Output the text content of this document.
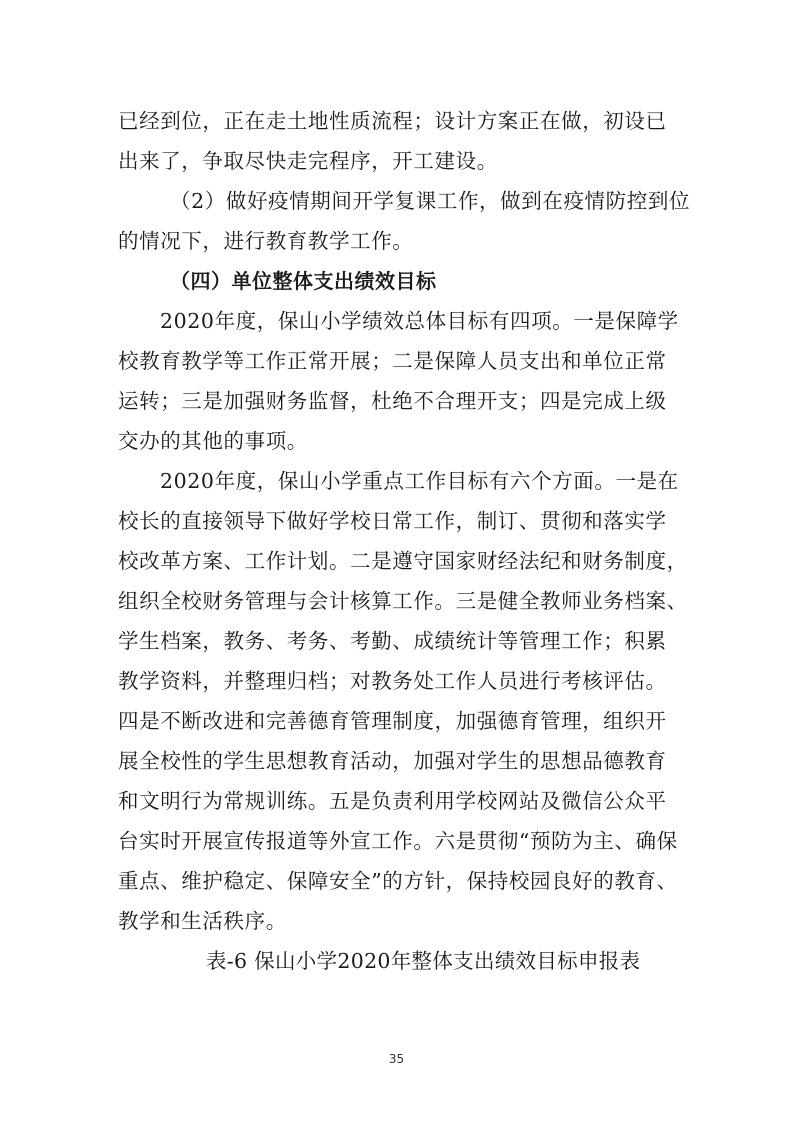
已经到位，正在走土地性质流程；设计方案正在做，初设已
出来了，争取尽快走完程序，开工建设。
（2）做好疫情期间开学复课工作，做到在疫情防控到位
的情况下，进行教育教学工作。
（四）单位整体支出绩效目标
2020年度，保山小学绩效总体目标有四项。一是保障学
校教育教学等工作正常开展；二是保障人员支出和单位正常
运转；三是加强财务监督，杜绝不合理开支；四是完成上级
交办的其他的事项。
2020年度，保山小学重点工作目标有六个方面。一是在
校长的直接领导下做好学校日常工作，制订、贯彻和落实学
校改革方案、工作计划。二是遵守国家财经法纪和财务制度，
组织全校财务管理与会计核算工作。三是健全教师业务档案、
学生档案，教务、考务、考勤、成绩统计等管理工作；积累
教学资料，并整理归档；对教务处工作人员进行考核评估。
四是不断改进和完善德育管理制度，加强德育管理，组织开
展全校性的学生思想教育活动，加强对学生的思想品德教育
和文明行为常规训练。五是负责利用学校网站及微信公众平
台实时开展宣传报道等外宣工作。六是贯彻“预防为主、确保
重点、维护稳定、保障安全”的方针，保持校园良好的教育、
教学和生活秩序。
表-6 保山小学2020年整体支出绩效目标申报表
35
